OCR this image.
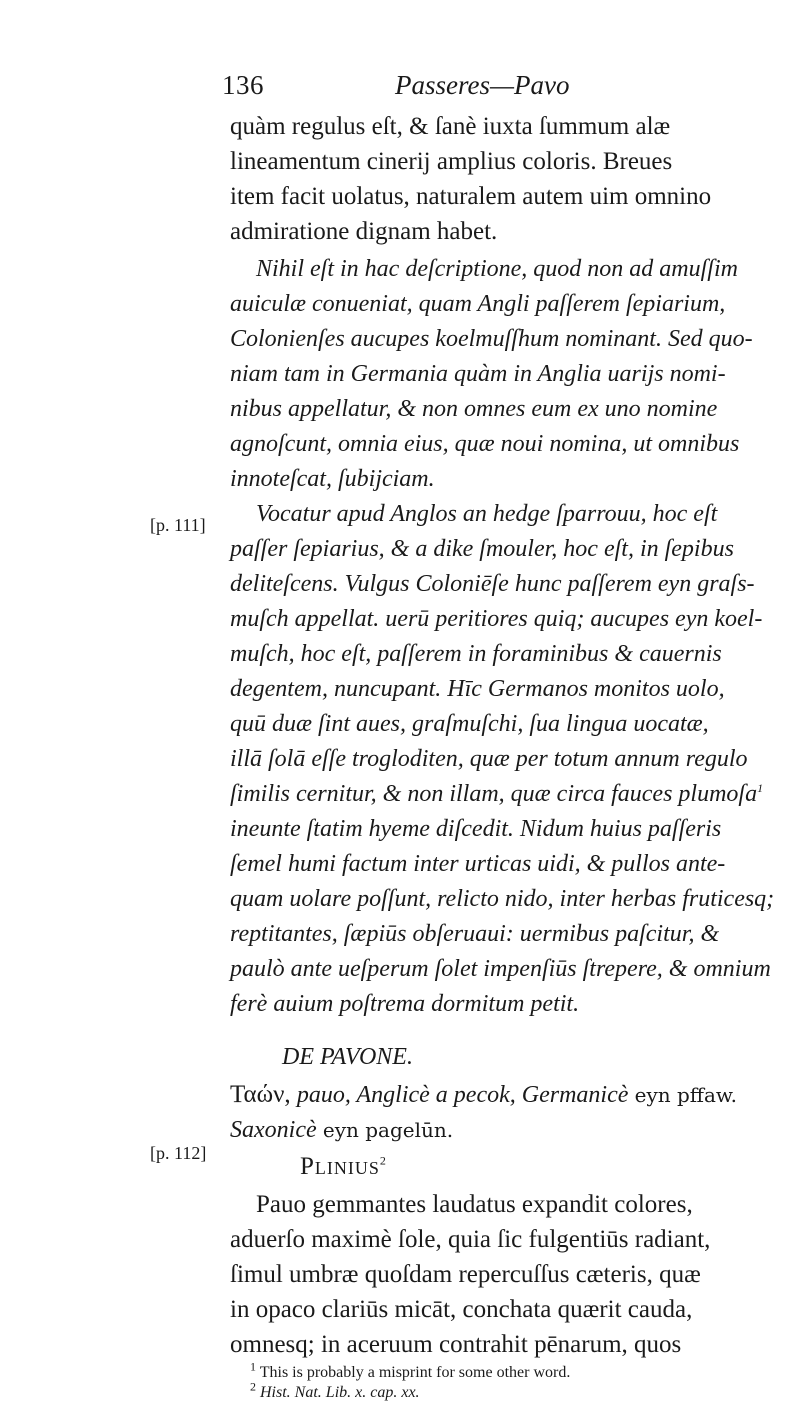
136	Passeres—Pavo
[p. 111]
[p. 112]
quàm regulus eſt, & ſanè iuxta ſummum alæ
lineamentum cinerij amplius coloris. Breues
item facit uolatus, naturalem autem uim omnino
admiratione dignam habet.
Nihil eſt in hac deſcriptione, quod non ad amuſſim
auiculæ conueniat, quam Angli paſſerem ſepiarium,
Colonienſes aucupes koelmuſſhum nominant. Sed quo-
niam tam in Germania quàm in Anglia uarijs nomi-
nibus appellatur, & non omnes eum ex uno nomine
agnoſcunt, omnia eius, quæ noui nomina, ut omnibus
innoteſcat, ſubijciam.
Vocatur apud Anglos an hedge ſparrouu, hoc eſt
paſſer ſepiarius, & a dike ſmouler, hoc eſt, in ſepibus
deliteſcens. Vulgus Coloniēſe hunc paſſerem eyn graſs-
muſch appellat. uerū peritiores quiq; aucupes eyn koel-
muſch, hoc eſt, paſſerem in foraminibus & cauernis
degentem, nuncupant. Hīc Germanos monitos uolo,
quū duæ ſint aues, graſmuſchi, ſua lingua uocatæ,
illā ſolā eſſe trogloditen, quæ per totum annum regulo
ſimilis cernitur, & non illam, quæ circa fauces plumoſa$^1$
ineunte ſtatim hyeme diſcedit. Nidum huius paſſeris
ſemel humi factum inter urticas uidi, & pullos ante-
quam uolare poſſunt, relicto nido, inter herbas fruticesq;
reptitantes, ſæpiūs obſeruaui: uermibus paſcitur, &
paulò ante ueſperum ſolet impenſiūs ſtrepere, & omnium
ferè auium poſtrema dormitum petit.
DE PAVONE.
Ταών, pauo, Anglicè a pecok, Germanicè eyn pffaw.
Saxonicè eyn pagelūn.
Plinius$^2$
Pauo gemmantes laudatus expandit colores,
aduerſo maximè ſole, quia ſic fulgentiūs radiant,
ſimul umbræ quoſdam repercuſſus cæteris, quæ
in opaco clariūs micāt, conchata quærit cauda,
omnesq; in aceruum contrahit pēnarum, quos
$^1$ This is probably a misprint for some other word.
$^2$ Hist. Nat. Lib. x. cap. xx.
